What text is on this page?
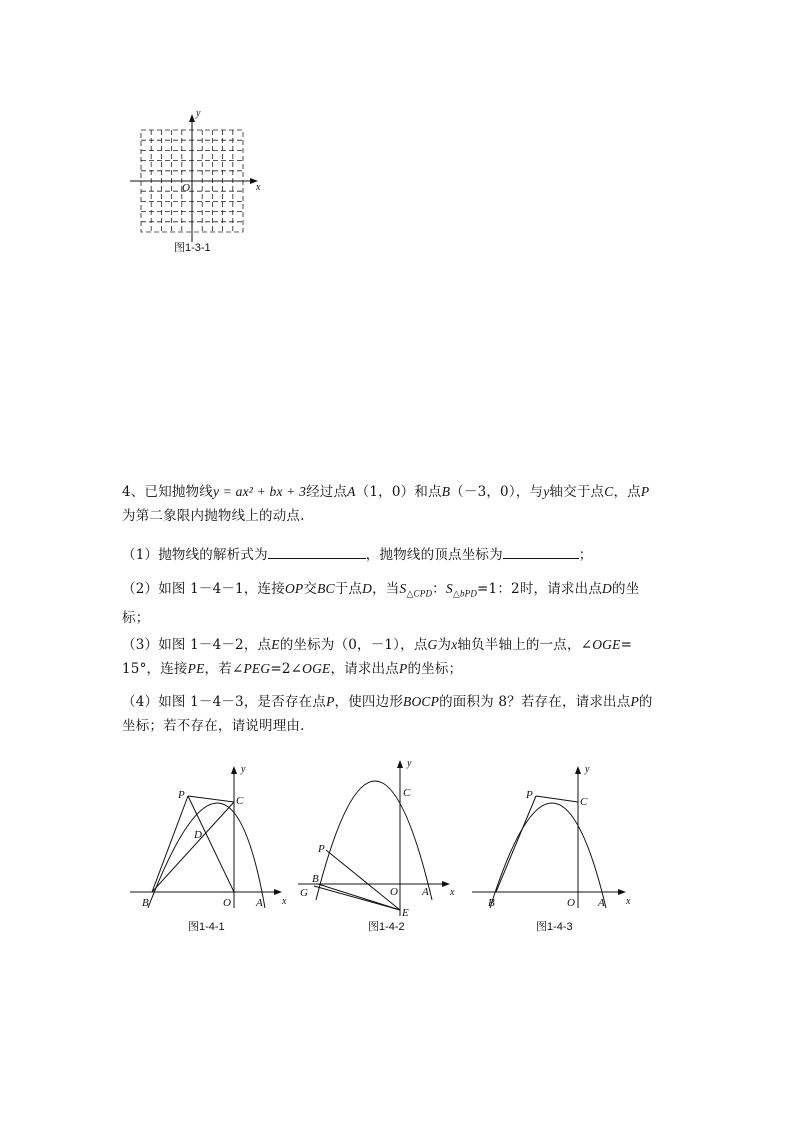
x
y
O
图1-3-1
4、已知抛物线y = ax² + bx + 3经过点A（1，0）和点B（－3，0），与y轴交于点C，点P
为第二象限内抛物线上的动点.
（1）抛物线的解析式为	，抛物线的顶点坐标为	；
（2）如图 1－4－1，连接OP交BC于点D，当$S_{\triangle CPD}$：$S_{\triangle bPD}=1$：2时，请求出点D的坐
标；
（3）如图 1－4－2，点E的坐标为（0，－1），点G为x轴负半轴上的一点，∠OGE=
15°，连接PE，若∠PEG=2∠OGE，请求出点P的坐标；
（4）如图 1－4－3，是否存在点P，使四边形BOCP的面积为 8？若存在，请求出点P的
坐标；若不存在，请说明理由.
P	C
D
B	O A x
y
图1-4-1
C
P
B
G	O A
E
x
y
图1-4-2
P
C
B	O A x
y
图1-4-3
